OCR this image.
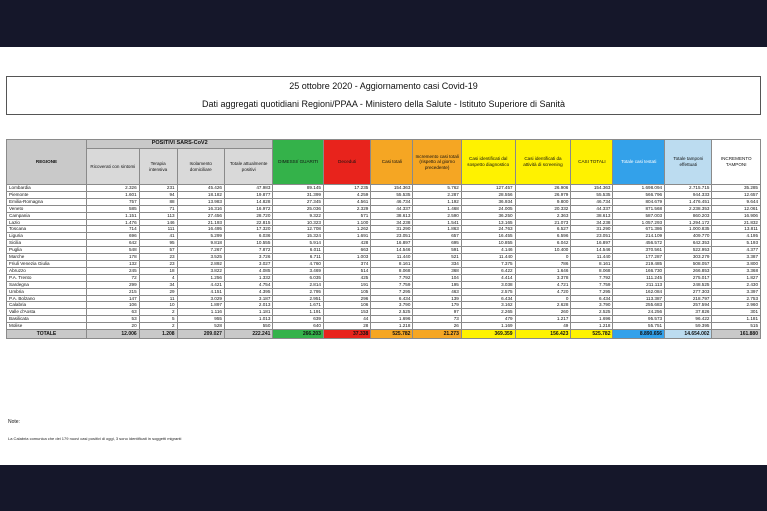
25 ottobre 2020 - Aggiornamento casi Covid-19
Dati aggregati quotidiani Regioni/PPAA - Ministero della Salute - Istituto Superiore di Sanità
REGIONE	POSITIVI SARS-CoV2				DIMESSI/ GUARITI	Deceduti	Casi totali	Incremento casi totali (rispetto al giorno precedente)	Casi identificati dal sospetto diagnostico	Casi identificati da attività di screening	CASI TOTALI	Totale casi testati	Totale tamponi effettuati	INCREMENTO TAMPONI
	Ricoverati con sintomi	Terapia intensiva	Isolamento domiciliare	Totale attualmente positivi										
Lombardia	2.326	231	45.426	47.983	89.145	17.235	154.363	5.762	127.457	26.906	154.363	1.698.094	2.715.715	35.285
Piemonte	1.601	94	18.182	19.877	31.399	4.259	55.535	2.287	28.556	26.979	55.535	566.796	944.333	12.657
Emilia-Romagna	757	88	13.983	14.828	27.345	4.561	46.734	1.192	36.934	9.800	46.734	804.679	1.476.451	9.644
Veneto	585	71	16.316	16.972	25.036	2.329	44.337	1.468	24.005	20.332	44.337	871.568	2.238.353	12.061
Campania	1.151	113	27.456	28.720	9.322	571	38.613	2.590	36.250	2.363	38.613	587.003	860.203	16.906
Lazio	1.476	146	21.193	22.815	10.323	1.100	34.238	1.541	13.165	21.073	34.238	1.057.293	1.294.172	21.832
Toscana	714	111	16.495	17.320	12.708	1.262	31.290	1.863	24.763	6.527	31.290	671.386	1.000.835	13.811
Liguria	696	41	5.299	6.036	15.324	1.691	23.051	657	16.455	6.596	23.051	214.109	409.770	4.195
Sicilia	642	95	9.818	10.555	5.914	428	16.897	695	10.855	6.042	16.897	456.572	642.353	5.193
Puglia	548	57	7.267	7.872	6.011	663	14.546	591	4.146	10.400	14.546	370.561	522.953	4.377
Marche	178	23	3.525	3.726	6.711	1.003	11.440	521	11.440	0	11.440	177.287	303.279	3.387
Friuli Venezia Giulia	132	23	2.892	3.027	4.760	374	8.161	334	7.375	786	8.161	219.485	508.057	3.800
Abruzzo	245	18	3.822	4.085	3.469	514	8.068	368	6.422	1.646	8.068	166.730	266.853	3.368
P.A. Trento	72	4	1.256	1.332	6.035	425	7.792	104	4.414	3.378	7.792	111.245	275.017	1.827
Sardegna	299	34	4.421	4.754	2.814	191	7.759	195	3.038	4.721	7.759	211.113	248.525	2.430
Umbria	215	29	4.151	4.395	2.795	105	7.295	463	2.575	4.720	7.295	162.084	277.303	3.397
P.A. Bolzano	147	11	3.029	3.187	2.951	296	6.434	139	6.434	0	6.434	113.387	218.797	2.753
Calabria	106	10	1.897	2.013	1.671	106	3.790	179	3.162	2.628	3.790	255.683	257.594	2.960
Valle d'Aosta	63	2	1.116	1.181	1.191	153	2.525	97	2.265	260	2.525	24.256	37.826	301
Basilicata	53	5	955	1.013	639	44	1.696	73	479	1.217	1.696	95.573	96.422	1.181
Molise	20	2	528	550	640	28	1.218	26	1.169	49	1.218	55.751	59.395	515
TOTALE	12.006	1.208	209.027	222.241	266.203	37.338	525.782	21.273	369.359	156.423	525.782	8.890.656	14.654.002	161.880
Note:
La Calabria comunica che dei 179 nuovi casi positivi di oggi, 3 sono identificati in soggetti migranti
